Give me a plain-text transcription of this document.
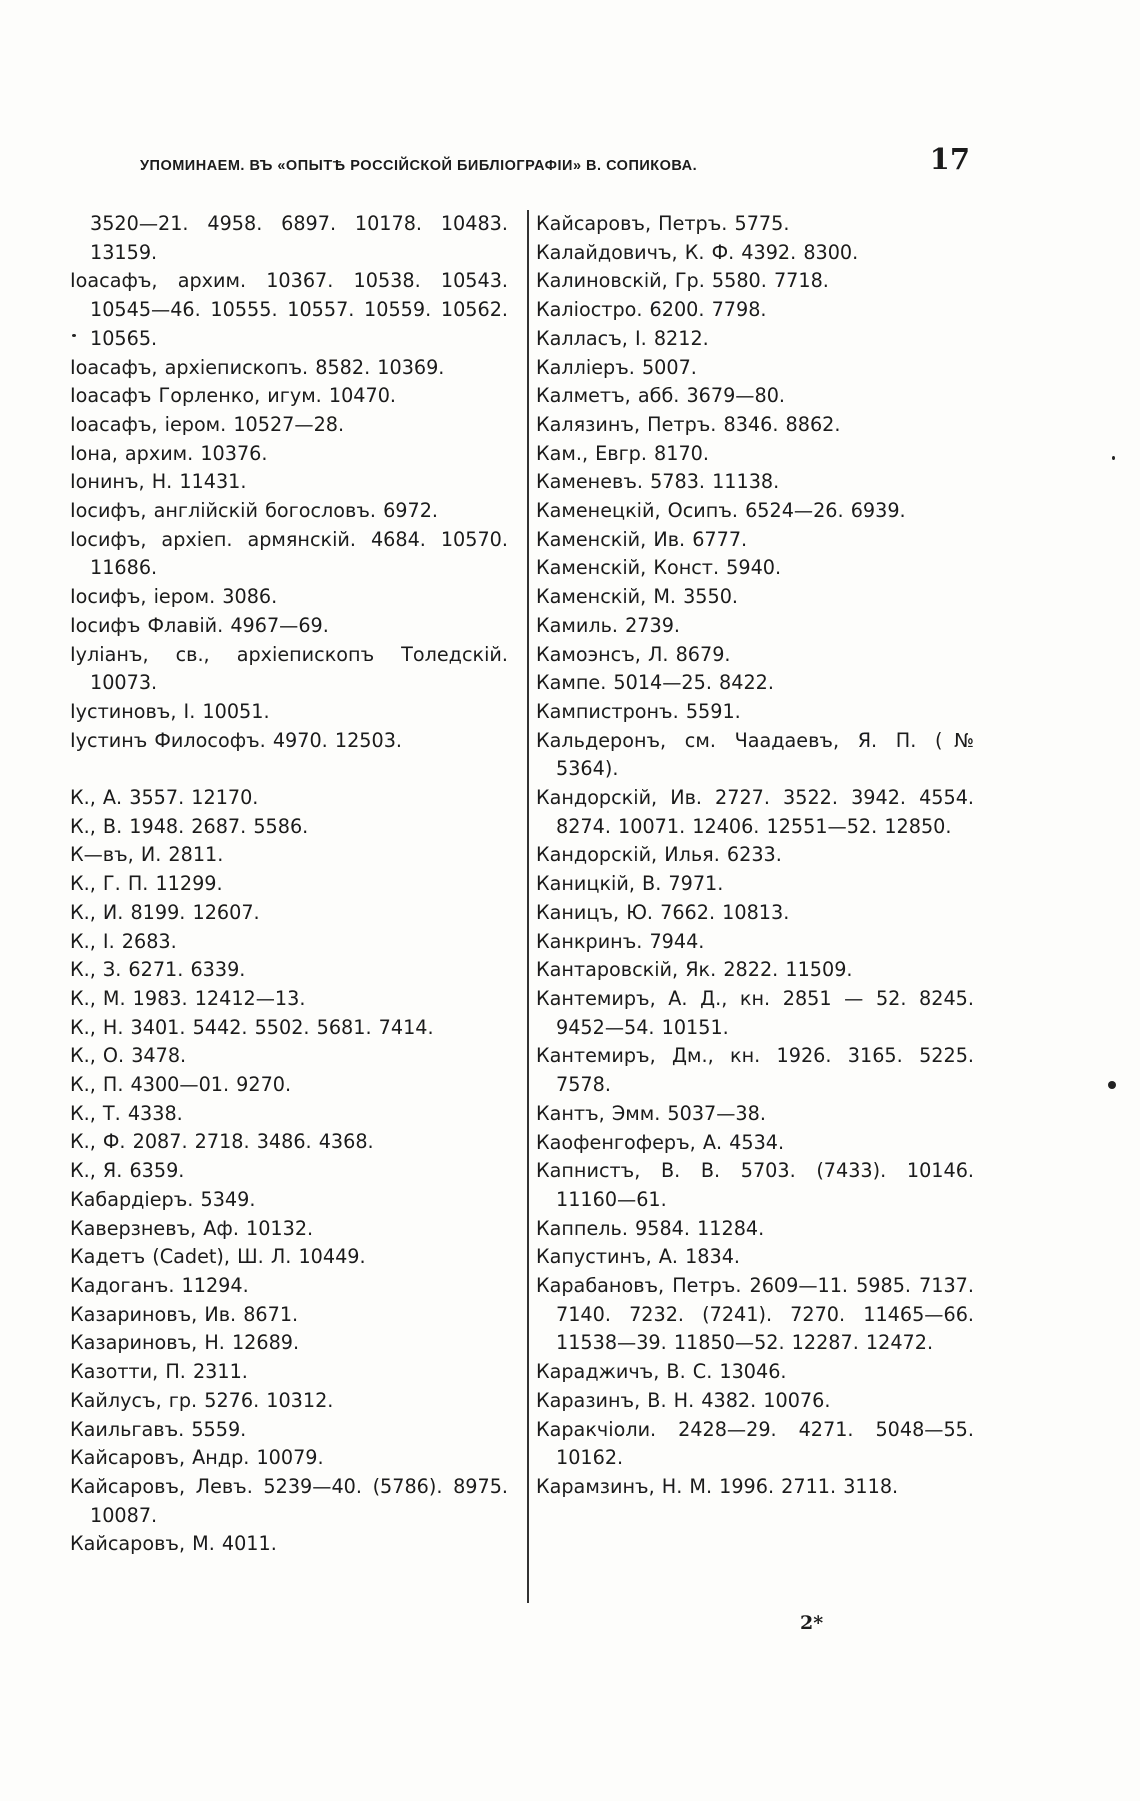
УПОМИНАЕМ. ВЪ «ОПЫТѢ РОССІЙСКОЙ БИБЛІОГРАФІИ» В. СОПИКОВА.	17
3520—21. 4958. 6897. 10178. 10483. 13159.
Іоасафъ, архим. 10367. 10538. 10543. 10545—46. 10555. 10557. 10559. 10562. 10565.
Іоасафъ, архіепископъ. 8582. 10369.
Іоасафъ Горленко, игум. 10470.
Іоасафъ, іером. 10527—28.
Іона, архим. 10376.
Іонинъ, Н. 11431.
Іосифъ, англійскій богословъ. 6972.
Іосифъ, архіеп. армянскій. 4684. 10570. 11686.
Іосифъ, іером. 3086.
Іосифъ Флавій. 4967—69.
Іуліанъ, св., архіепископъ Толедскій. 10073.
Іустиновъ, І. 10051.
Іустинъ Философъ. 4970. 12503.
К., А. 3557. 12170.
К., В. 1948. 2687. 5586.
К—въ, И. 2811.
К., Г. П. 11299.
К., И. 8199. 12607.
К., І. 2683.
К., З. 6271. 6339.
К., М. 1983. 12412—13.
К., Н. 3401. 5442. 5502. 5681. 7414.
К., О. 3478.
К., П. 4300—01. 9270.
К., Т. 4338.
К., Ф. 2087. 2718. 3486. 4368.
К., Я. 6359.
Кабардіеръ. 5349.
Каверзневъ, Аф. 10132.
Кадетъ (Cadet), Ш. Л. 10449.
Кадоганъ. 11294.
Казариновъ, Ив. 8671.
Казариновъ, Н. 12689.
Казотти, П. 2311.
Кайлусъ, гр. 5276. 10312.
Каильгавъ. 5559.
Кайсаровъ, Андр. 10079.
Кайсаровъ, Левъ. 5239—40. (5786). 8975. 10087.
Кайсаровъ, М. 4011.
Кайсаровъ, Петръ. 5775.
Калайдовичъ, К. Ф. 4392. 8300.
Калиновскій, Гр. 5580. 7718.
Каліостро. 6200. 7798.
Калласъ, І. 8212.
Калліеръ. 5007.
Калметъ, абб. 3679—80.
Калязинъ, Петръ. 8346. 8862.
Кам., Евгр. 8170.
Каменевъ. 5783. 11138.
Каменецкій, Осипъ. 6524—26. 6939.
Каменскій, Ив. 6777.
Каменскій, Конст. 5940.
Каменскій, М. 3550.
Камиль. 2739.
Камоэнсъ, Л. 8679.
Кампе. 5014—25. 8422.
Кампистронъ. 5591.
Кальдеронъ, см. Чаадаевъ, Я. П. (№ 5364).
Кандорскій, Ив. 2727. 3522. 3942. 4554. 8274. 10071. 12406. 12551—52. 12850.
Кандорскій, Илья. 6233.
Каницкій, В. 7971.
Каницъ, Ю. 7662. 10813.
Канкринъ. 7944.
Кантаровскій, Як. 2822. 11509.
Кантемиръ, А. Д., кн. 2851 — 52. 8245. 9452—54. 10151.
Кантемиръ, Дм., кн. 1926. 3165. 5225. 7578.
Кантъ, Эмм. 5037—38.
Каофенгоферъ, А. 4534.
Капнистъ, В. В. 5703. (7433). 10146. 11160—61.
Каппель. 9584. 11284.
Капустинъ, А. 1834.
Карабановъ, Петръ. 2609—11. 5985. 7137. 7140. 7232. (7241). 7270. 11465—66. 11538—39. 11850—52. 12287. 12472.
Караджичъ, В. С. 13046.
Каразинъ, В. Н. 4382. 10076.
Каракчіоли. 2428—29. 4271. 5048—55. 10162.
Карамзинъ, Н. М. 1996. 2711. 3118.
2*
